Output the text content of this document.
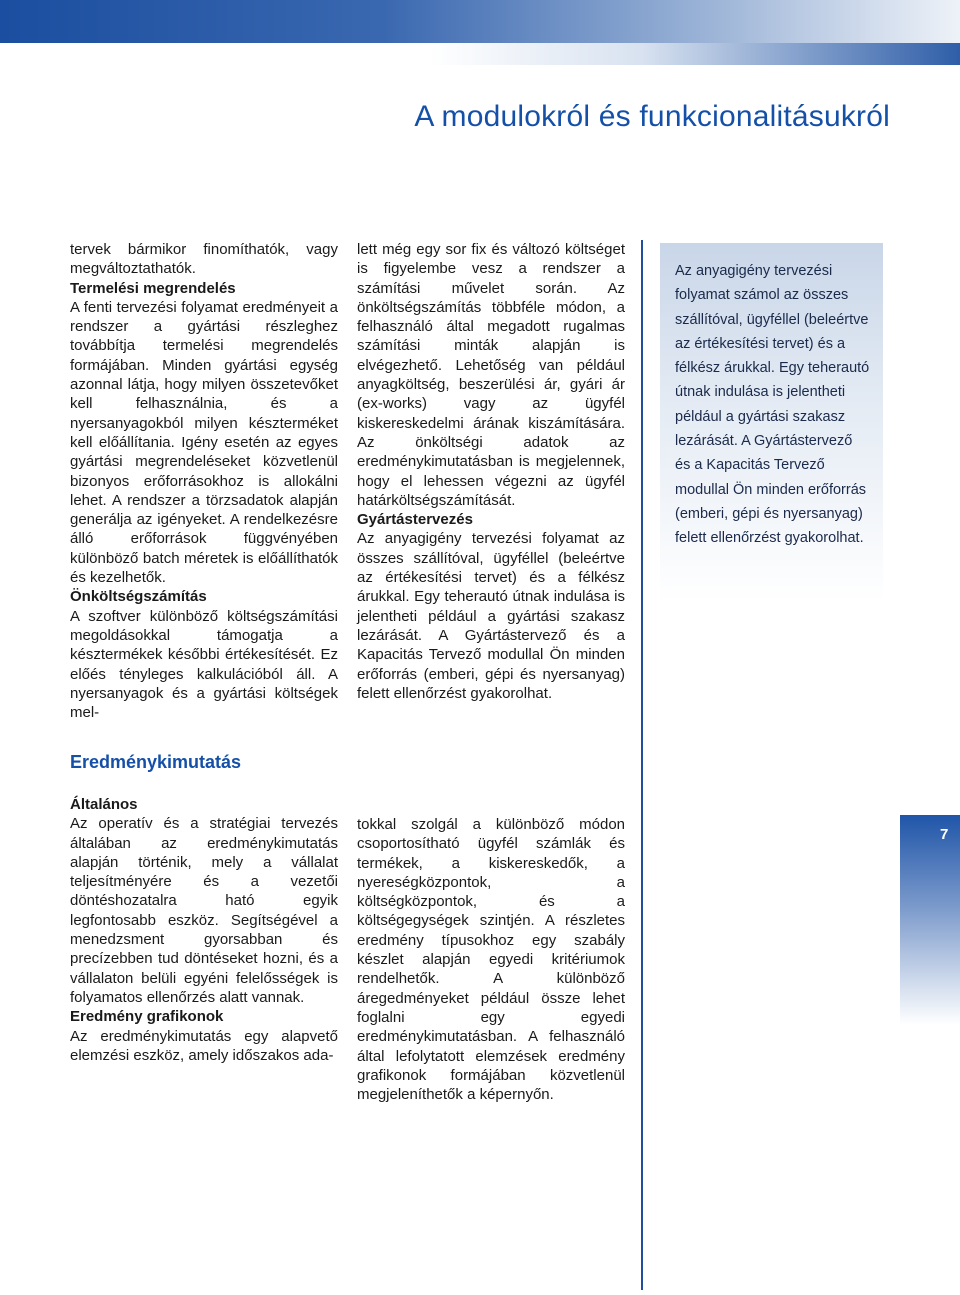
A modulokról és funkcionalitásukról

tervek bármikor finomíthatók, vagy megváltoztathatók.

Termelési megrendelés

A fenti tervezési folyamat eredményeit a rendszer a gyártási részleghez továbbítja termelési megrendelés formájában. Minden gyártási egység azonnal látja, hogy milyen összetevőket kell felhasználnia, és a nyersanyagokból milyen készterméket kell előállítania. Igény esetén az egyes gyártási megrendeléseket közvetlenül bizonyos erőforrásokhoz is allokálni lehet. A rendszer a törzsadatok alapján generálja az igényeket. A rendelkezésre álló erőforrások függvényében különböző batch méretek is előállíthatók és kezelhetők.

Önköltségszámítás

A szoftver különböző költségszámítási megoldásokkal támogatja a késztermékek későbbi értékesítését. Ez előés tényleges kalkulációból áll. A nyersanyagok és a gyártási költségek mel-

lett még egy sor fix és változó költséget is figyelembe vesz a rendszer a számítási művelet során. Az önköltségszámítás többféle módon, a felhasználó által megadott rugalmas számítási minták alapján is elvégezhető. Lehetőség van például anyagköltség, beszerülési ár, gyári ár (ex-works) vagy az ügyfél kiskereskedelmi árának kiszámítására. Az önköltségi adatok az eredménykimutatásban is megjelennek, hogy el lehessen végezni az ügyfél határköltségszámítását.

Gyártástervezés

Az anyagigény tervezési folyamat az összes szállítóval, ügyféllel (beleértve az értékesítési tervet) és a félkész árukkal. Egy teherautó útnak indulása is jelentheti például a gyártási szakasz lezárását. A Gyártástervező és a Kapacitás Tervező modullal Ön minden erőforrás (emberi, gépi és nyersanyag) felett ellenőrzést gyakorolhat.

Az anyagigény tervezési folyamat számol az összes szállítóval, ügyféllel (beleértve az értékesítési tervet) és a félkész árukkal. Egy teherautó útnak indulása is jelentheti például a gyártási szakasz lezárását. A Gyártástervező és a Kapacitás Tervező modullal Ön minden erőforrás (emberi, gépi és nyersanyag) felett ellenőrzést gyakorolhat.

Eredménykimutatás

Általános

Az operatív és a stratégiai tervezés általában az eredménykimutatás alapján történik, mely a vállalat teljesítményére és a vezetői döntéshozatalra ható egyik legfontosabb eszköz. Segítségével a menedzsment gyorsabban és precízebben tud döntéseket hozni, és a vállalaton belüli egyéni felelősségek is folyamatos ellenőrzés alatt vannak.

Eredmény grafikonok

Az eredménykimutatás egy alapvető elemzési eszköz, amely időszakos ada-

tokkal szolgál a különböző módon csoportosítható ügyfél számlák és termékek, a kiskereskedők, a nyereségközpontok, a költségközpontok, és a költségegységek szintjén. A részletes eredmény típusokhoz egy szabály készlet alapján egyedi kritériumok rendelhetők. A különböző áregedményeket például össze lehet foglalni egy egyedi eredménykimutatásban. A felhasználó által lefolytatott elemzések eredmény grafikonok formájában közvetlenül megjeleníthetők a képernyőn.

7
